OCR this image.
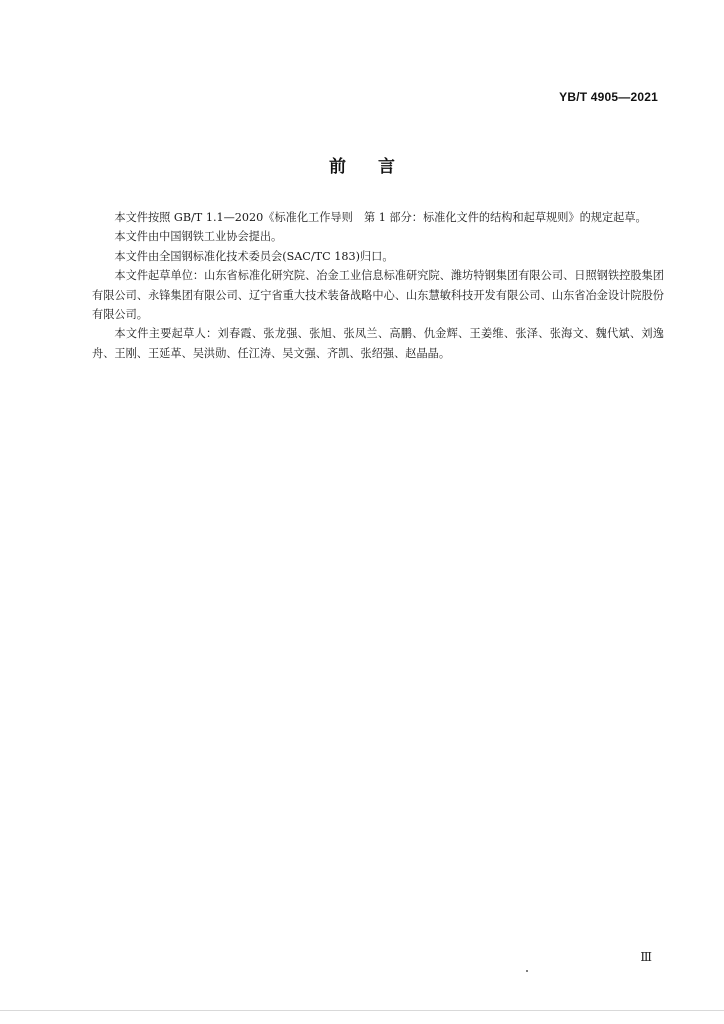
YB/T 4905—2021
前言

本文件按照 GB/T 1.1—2020《标准化工作导则　第 1 部分：标准化文件的结构和起草规则》的规定起草。

本文件由中国钢铁工业协会提出。

本文件由全国钢标准化技术委员会(SAC/TC 183)归口。

本文件起草单位：山东省标准化研究院、冶金工业信息标准研究院、潍坊特钢集团有限公司、日照钢铁控股集团有限公司、永锋集团有限公司、辽宁省重大技术装备战略中心、山东慧敏科技开发有限公司、山东省冶金设计院股份有限公司。

本文件主要起草人：刘春霞、张龙强、张旭、张凤兰、高鹏、仇金辉、王姜维、张泽、张海文、魏代斌、刘逸舟、王刚、王延革、吴洪勋、任江涛、吴文强、齐凯、张绍强、赵晶晶。

Ⅲ
